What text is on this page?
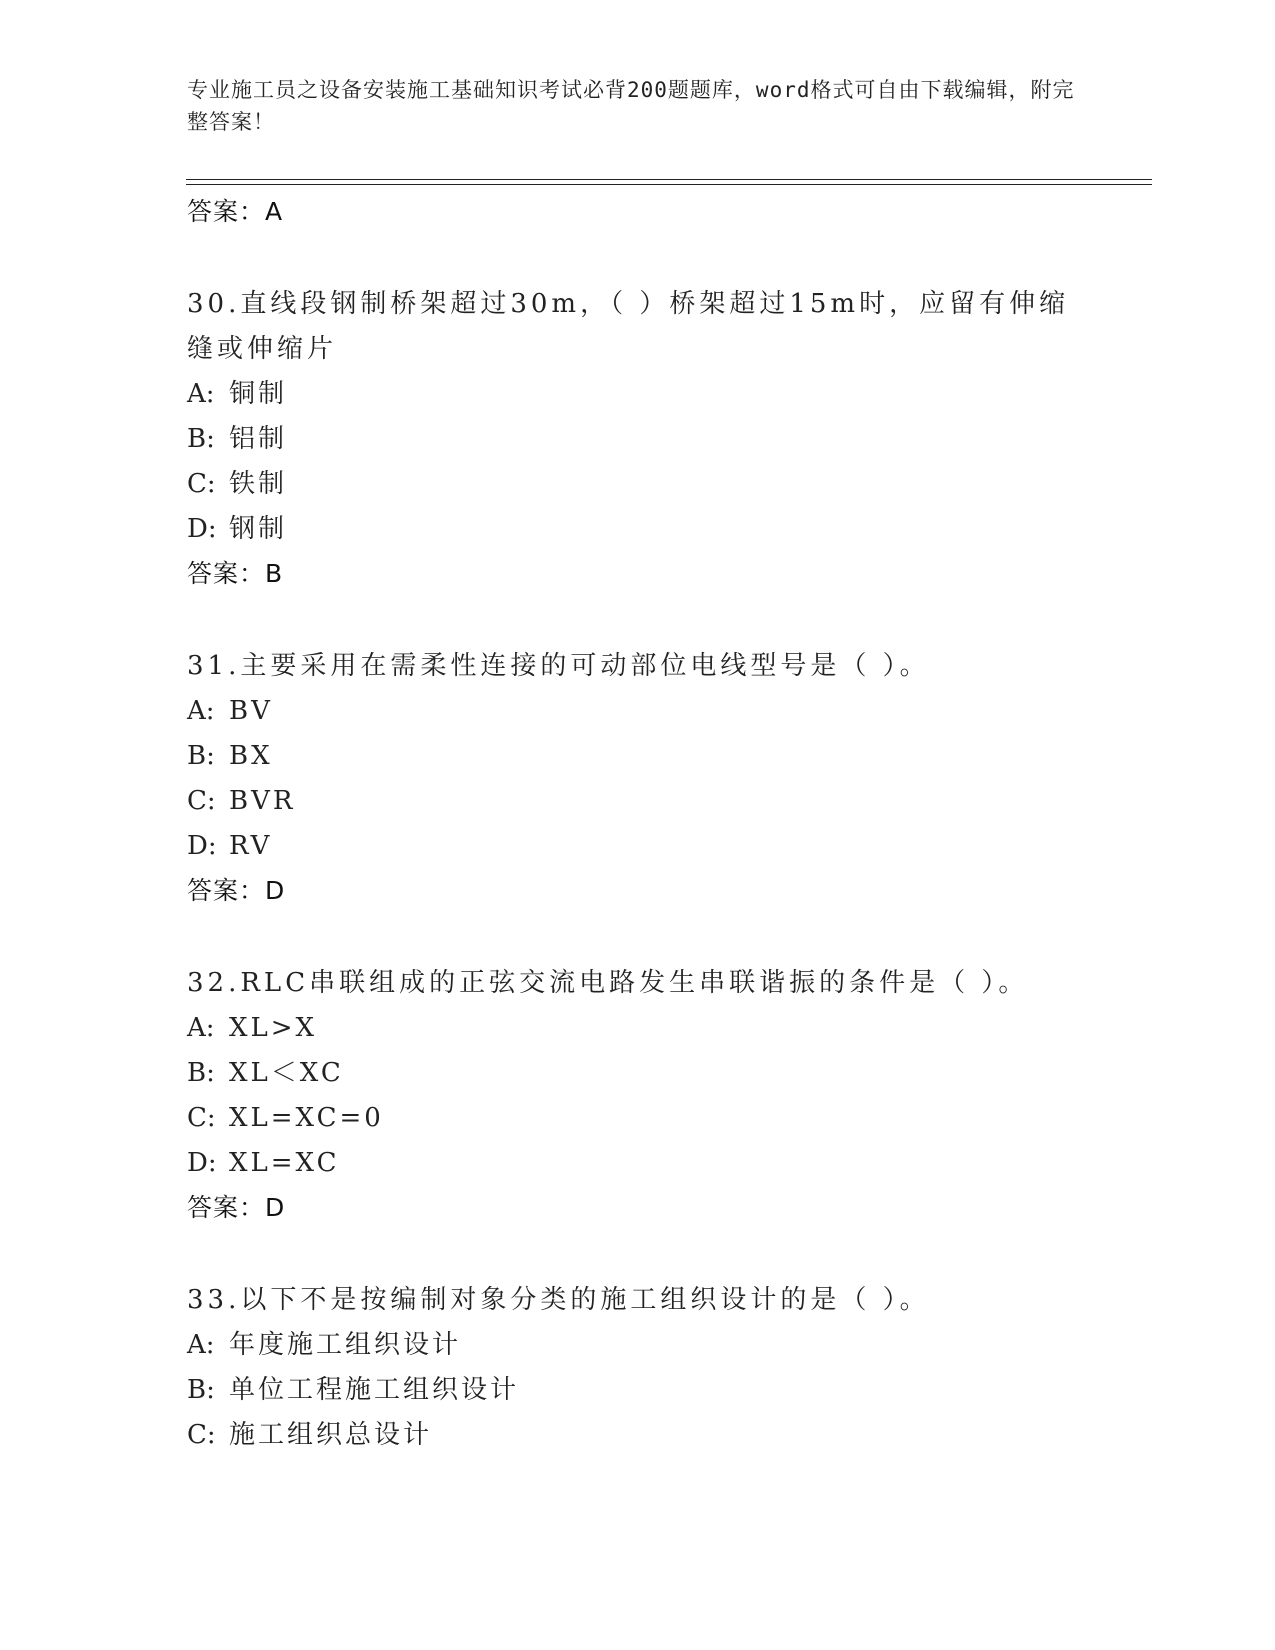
专业施工员之设备安装施工基础知识考试必背200题题库，word格式可自由下载编辑，附完整答案！
答案：A
30.直线段钢制桥架超过30m，（ ）桥架超过15m时，应留有伸缩缝或伸缩片
A: 铜制
B: 铝制
C: 铁制
D: 钢制
答案：B
31.主要采用在需柔性连接的可动部位电线型号是（ ）。
A: BV
B: BX
C: BVR
D: RV
答案：D
32.RLC串联组成的正弦交流电路发生串联谐振的条件是（ ）。
A: XL>X
B: XL＜XC
C: XL=XC=0
D: XL=XC
答案：D
33.以下不是按编制对象分类的施工组织设计的是（ ）。
A: 年度施工组织设计
B: 单位工程施工组织设计
C: 施工组织总设计
